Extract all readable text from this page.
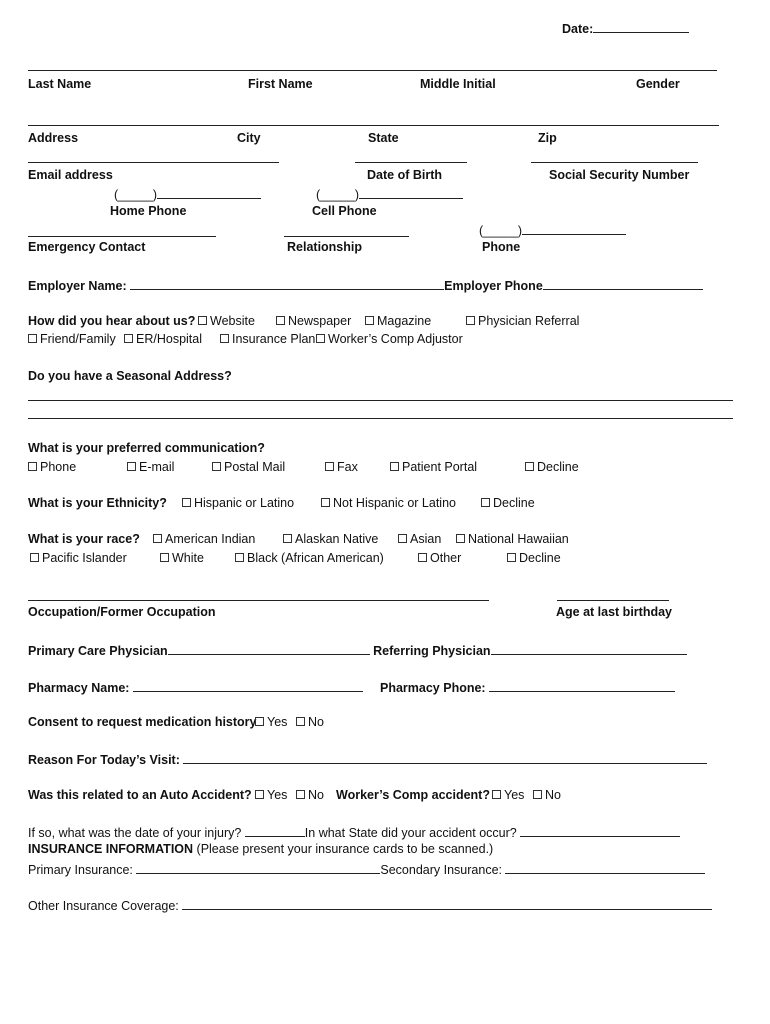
Date:
Last Name	First Name	Middle Initial	Gender
Address	City	State	Zip
Email address	Date of Birth	Social Security Number
(_____)	(_____)
Home Phone	Cell Phone
(_____)
Emergency Contact	Relationship	Phone
Employer Name:	Employer Phone
How did you hear about us?	Website	Newspaper	Magazine	Physician Referral
Friend/Family	ER/Hospital	Insurance Plan	Worker’s Comp Adjustor
Do you have a Seasonal Address?
What is your preferred communication?
Phone	E-mail	Postal Mail	Fax	Patient Portal	Decline
What is your Ethnicity?	Hispanic or Latino	Not Hispanic or Latino	Decline
What is your race?	American Indian	Alaskan Native	Asian	National Hawaiian
Pacific Islander	White	Black (African American)	Other	Decline
Occupation/Former Occupation	Age at last birthday
Primary Care Physician	Referring Physician
Pharmacy Name:	Pharmacy Phone:
Consent to request medication history Yes	No
Reason For Today’s Visit:
Was this related to an Auto Accident?	Yes	No Worker’s Comp accident?	Yes	No
If so, what was the date of your injury?	In what State did your accident occur?
INSURANCE INFORMATION (Please present your insurance cards to be scanned.)
Primary Insurance:	Secondary Insurance:
Other Insurance Coverage:
